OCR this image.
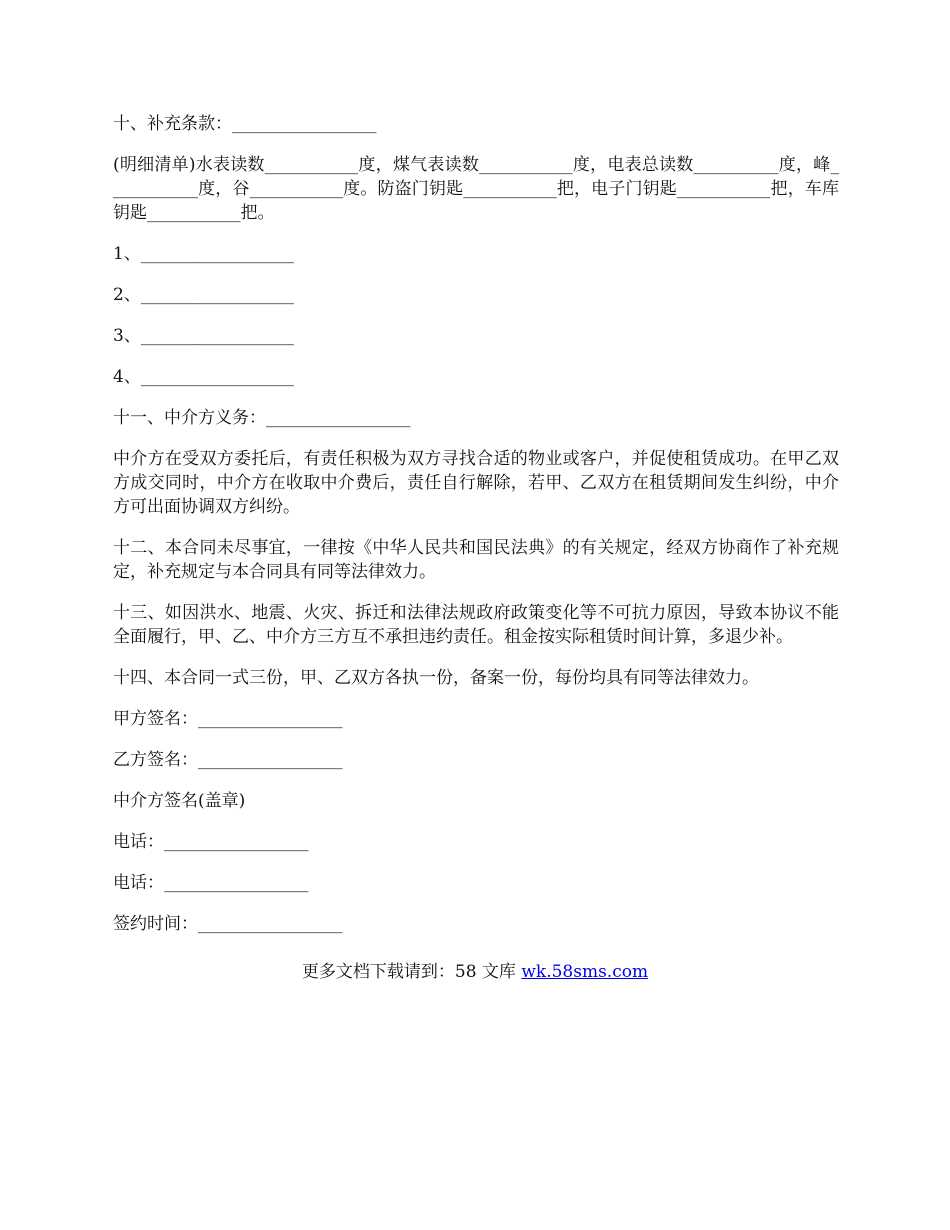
十、补充条款：_________________

(明细清单)水表读数___________度，煤气表读数___________度，电表总读数__________度，峰___________度，谷___________度。防盗门钥匙___________把，电子门钥匙___________把，车库钥匙___________把。

1、__________________

2、__________________

3、__________________

4、__________________

十一、中介方义务：_________________

中介方在受双方委托后，有责任积极为双方寻找合适的物业或客户，并促使租赁成功。在甲乙双方成交同时，中介方在收取中介费后，责任自行解除，若甲、乙双方在租赁期间发生纠纷，中介方可出面协调双方纠纷。

十二、本合同未尽事宜，一律按《中华人民共和国民法典》的有关规定，经双方协商作了补充规定，补充规定与本合同具有同等法律效力。

十三、如因洪水、地震、火灾、拆迁和法律法规政府政策变化等不可抗力原因，导致本协议不能全面履行，甲、乙、中介方三方互不承担违约责任。租金按实际租赁时间计算，多退少补。

十四、本合同一式三份，甲、乙双方各执一份，备案一份，每份均具有同等法律效力。

甲方签名：_________________

乙方签名：_________________

中介方签名(盖章)

电话：_________________

电话：_________________

签约时间：_________________

更多文档下载请到：58 文库 wk.58sms.com
